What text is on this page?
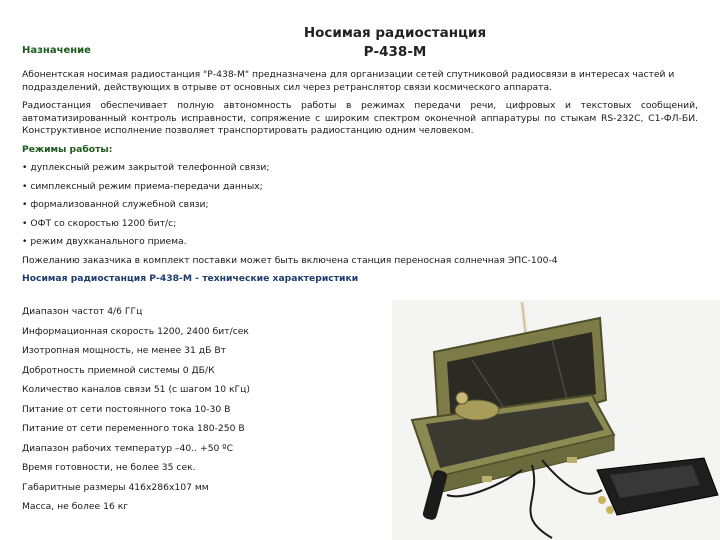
Носимая радиостанция
Р-438-М
Назначение

Абонентская носимая радиостанция "Р-438-М" предназначена для организации сетей спутниковой радиосвязи в интересах частей и подразделений, действующих в отрыве от основных сил через ретранслятор связи космического аппарата.

Радиостанция обеспечивает полную автономность работы в режимах передачи речи, цифровых и текстовых сообщений, автоматизированный контроль исправности, сопряжение с широким спектром оконечной аппаратуры по стыкам RS-232C, С1-ФЛ-БИ. Конструктивное исполнение позволяет транспортировать радиостанцию одним человеком.

Режимы работы:

• дуплексный режим закрытой телефонной связи;

• симплексный режим приема-передачи данных;

• формализованной служебной связи;

• ОФТ со скоростью 1200 бит/с;

• режим двухканального приема.

Пожеланию заказчика в комплект поставки может быть включена станция переносная солнечная ЭПС-100-4

Носимая радиостанция Р-438-М - технические характеристики

Диапазон частот 4/6 ГГц
Информационная скорость 1200, 2400 бит/сек
Изотропная мощность, не менее 31 дБ Вт
Добротность приемной системы 0 ДБ/К
Количество каналов связи 51 (с шагом 10 кГц)
Питание от сети постоянного тока 10-30 В
Питание от сети переменного тока 180-250 В
Диапазон рабочих температур –40.. +50 ºС
Время готовности, не более 35 сек.
Габаритные размеры 416х286х107 мм
Масса, не более 16 кг
